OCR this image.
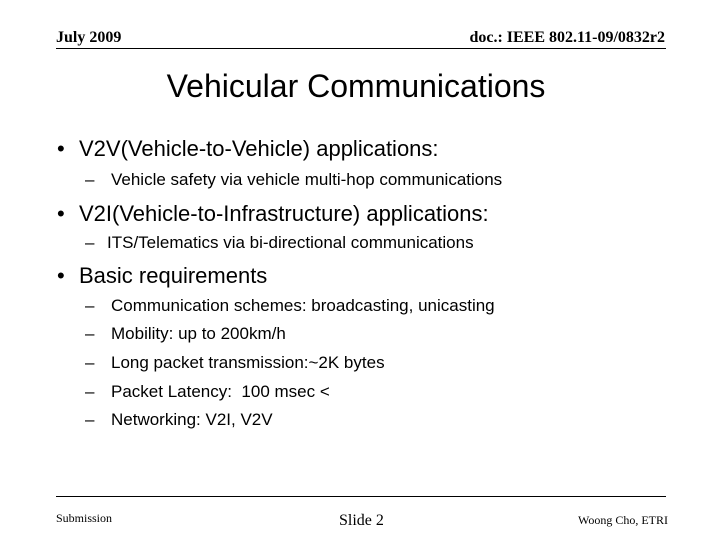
July 2009	doc.: IEEE 802.11-09/0832r2
Vehicular Communications
• V2V(Vehicle-to-Vehicle) applications:
– Vehicle safety via vehicle multi-hop communications
• V2I(Vehicle-to-Infrastructure) applications:
– ITS/Telematics via bi-directional communications
• Basic requirements
– Communication schemes: broadcasting, unicasting
– Mobility: up to 200km/h
– Long packet transmission:~2K bytes
– Packet Latency:  100 msec <
– Networking: V2I, V2V
Submission	Slide 2	Woong Cho, ETRI
